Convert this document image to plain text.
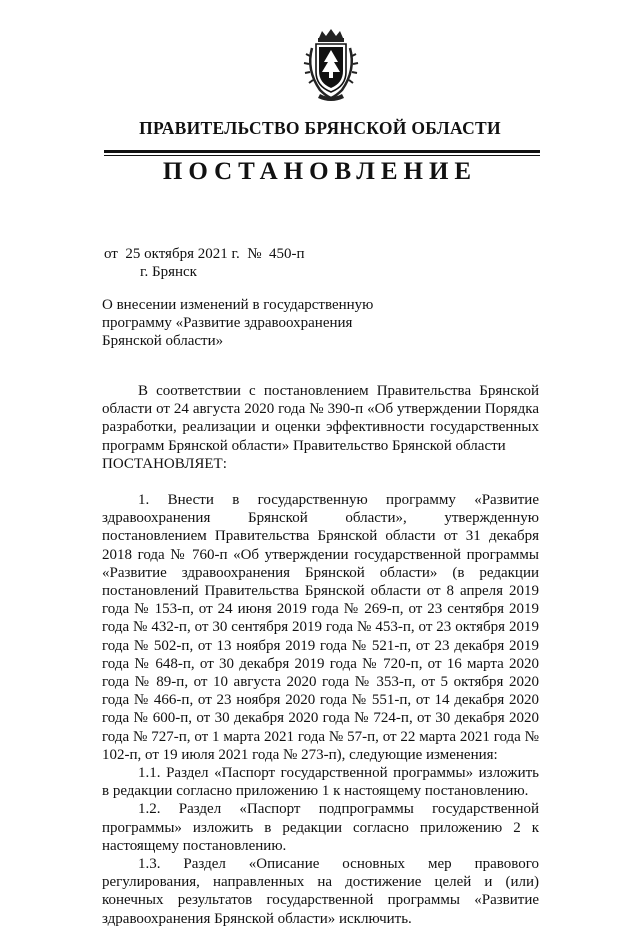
ПРАВИТЕЛЬСТВО БРЯНСКОЙ ОБЛАСТИ
ПОСТАНОВЛЕНИЕ
от  25 октября 2021 г.  №  450-п
г. Брянск
О внесении изменений в государственную программу «Развитие здравоохранения Брянской области»

В соответствии с постановлением Правительства Брянской области от 24 августа 2020 года № 390-п «Об утверждении Порядка разработки, реализации и оценки эффективности государственных программ Брянской области» Правительство Брянской области

ПОСТАНОВЛЯЕТ:

1. Внести в государственную программу «Развитие здравоохранения Брянской области», утвержденную постановлением Правительства Брянской области от 31 декабря 2018 года № 760-п «Об утверждении государственной программы «Развитие здравоохранения Брянской области» (в редакции постановлений Правительства Брянской области от 8 апреля 2019 года № 153-п, от 24 июня 2019 года № 269-п, от 23 сентября 2019 года № 432-п, от 30 сентября 2019 года № 453-п, от 23 октября 2019 года № 502-п, от 13 ноября 2019 года № 521-п, от 23 декабря 2019 года № 648-п, от 30 декабря 2019 года № 720-п, от 16 марта 2020 года № 89-п, от 10 августа 2020 года № 353-п, от 5 октября 2020 года № 466-п, от 23 ноября 2020 года № 551-п, от 14 декабря 2020 года № 600-п, от 30 декабря 2020 года № 724-п, от 30 декабря 2020 года № 727-п, от 1 марта 2021 года № 57-п, от 22 марта 2021 года № 102-п, от 19 июля 2021 года № 273-п), следующие изменения:

1.1. Раздел «Паспорт государственной программы» изложить в редакции согласно приложению 1 к настоящему постановлению.

1.2. Раздел «Паспорт подпрограммы государственной программы» изложить в редакции согласно приложению 2 к настоящему постановлению.

1.3. Раздел «Описание основных мер правового регулирования, направленных на достижение целей и (или) конечных результатов государственной программы «Развитие здравоохранения Брянской области» исключить.
